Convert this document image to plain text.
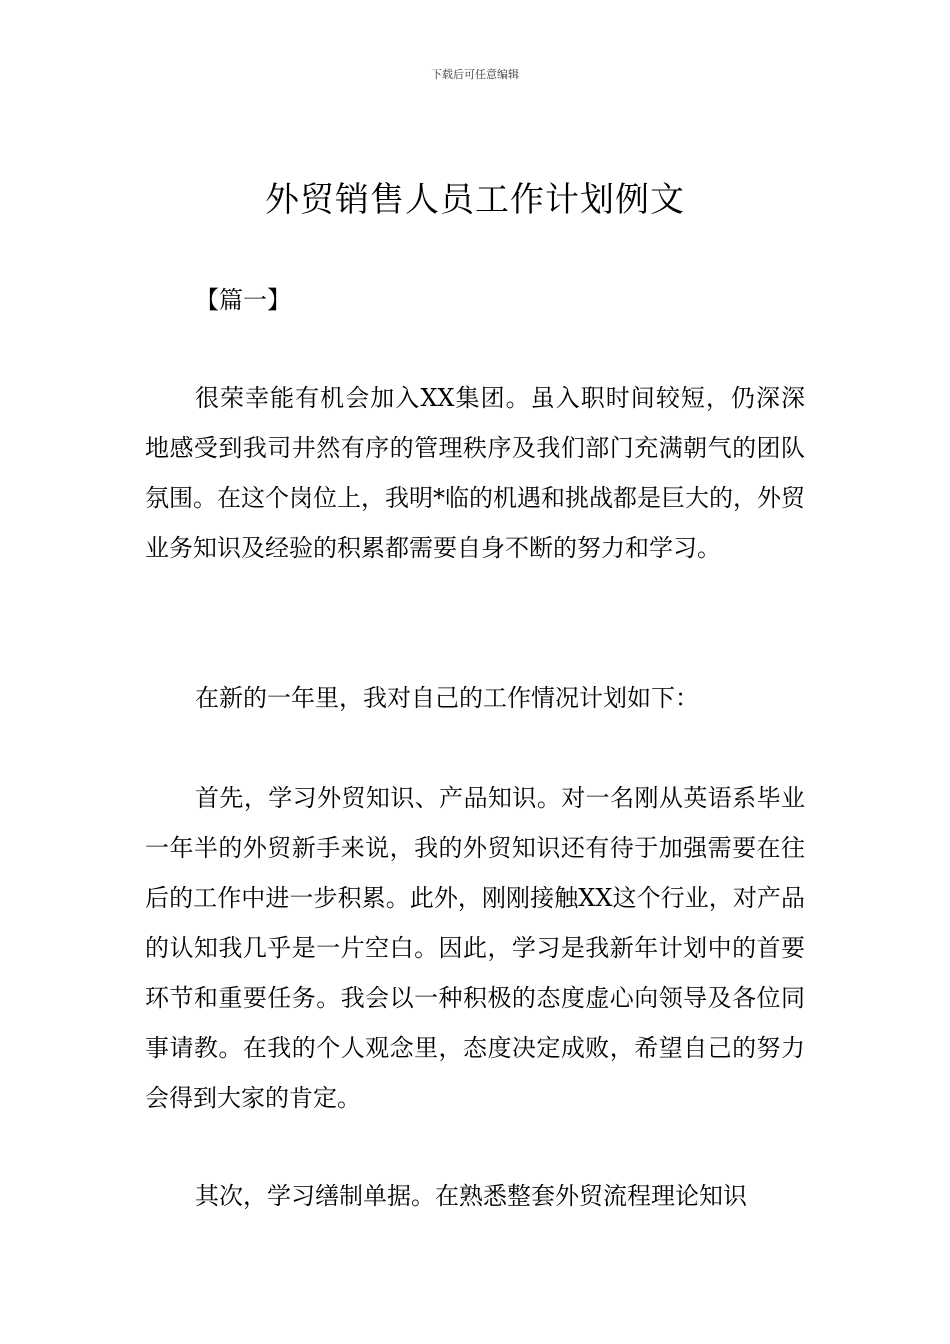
下载后可任意编辑
外贸销售人员工作计划例文
【篇一】

很荣幸能有机会加入XX集团。虽入职时间较短，仍深深地感受到我司井然有序的管理秩序及我们部门充满朝气的团队氛围。在这个岗位上，我明*临的机遇和挑战都是巨大的，外贸业务知识及经验的积累都需要自身不断的努力和学习。

在新的一年里，我对自己的工作情况计划如下：

首先，学习外贸知识、产品知识。对一名刚从英语系毕业一年半的外贸新手来说，我的外贸知识还有待于加强需要在往后的工作中进一步积累。此外，刚刚接触XX这个行业，对产品的认知我几乎是一片空白。因此，学习是我新年计划中的首要环节和重要任务。我会以一种积极的态度虚心向领导及各位同事请教。在我的个人观念里，态度决定成败，希望自己的努力会得到大家的肯定。

其次，学习缮制单据。在熟悉整套外贸流程理论知识
